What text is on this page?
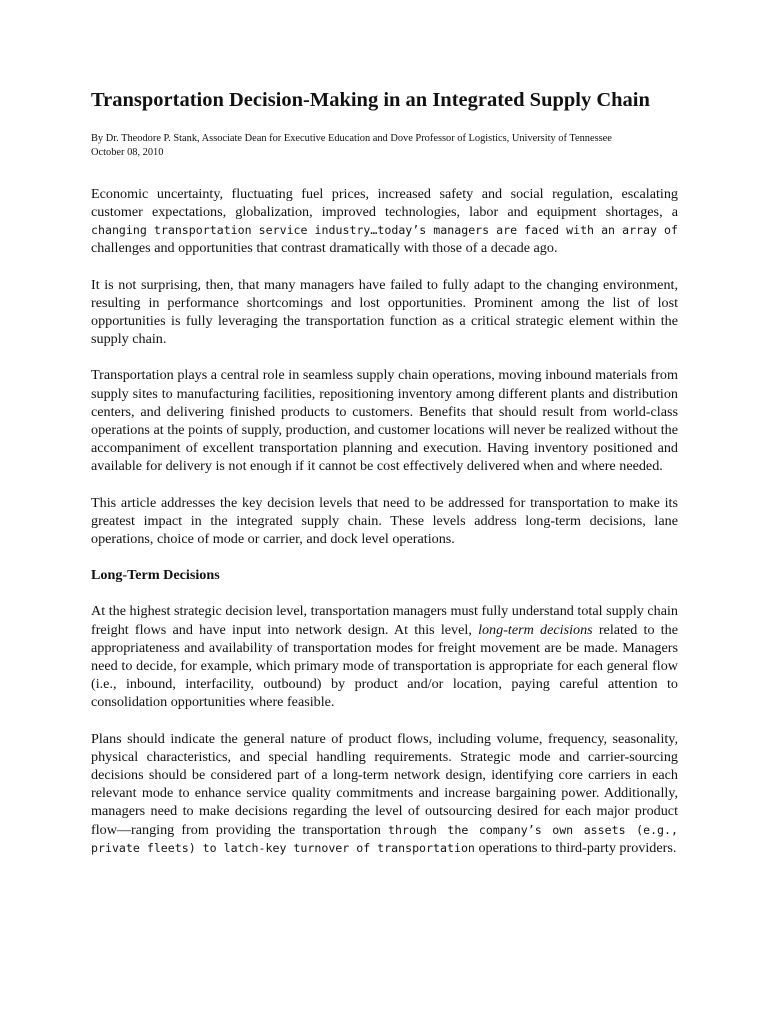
Transportation Decision-Making in an Integrated Supply Chain
By Dr. Theodore P. Stank, Associate Dean for Executive Education and Dove Professor of Logistics, University of Tennessee
October 08, 2010

Economic uncertainty, fluctuating fuel prices, increased safety and social regulation, escalating customer expectations, globalization, improved technologies, labor and equipment shortages, a changing transportation service industry…today’s managers are faced with an array of challenges and opportunities that contrast dramatically with those of a decade ago.

It is not surprising, then, that many managers have failed to fully adapt to the changing environment, resulting in performance shortcomings and lost opportunities. Prominent among the list of lost opportunities is fully leveraging the transportation function as a critical strategic element within the supply chain.

Transportation plays a central role in seamless supply chain operations, moving inbound materials from supply sites to manufacturing facilities, repositioning inventory among different plants and distribution centers, and delivering finished products to customers. Benefits that should result from world-class operations at the points of supply, production, and customer locations will never be realized without the accompaniment of excellent transportation planning and execution. Having inventory positioned and available for delivery is not enough if it cannot be cost effectively delivered when and where needed.

This article addresses the key decision levels that need to be addressed for transportation to make its greatest impact in the integrated supply chain. These levels address long-term decisions, lane operations, choice of mode or carrier, and dock level operations.

Long-Term Decisions

At the highest strategic decision level, transportation managers must fully understand total supply chain freight flows and have input into network design. At this level, long-term decisions related to the appropriateness and availability of transportation modes for freight movement are be made. Managers need to decide, for example, which primary mode of transportation is appropriate for each general flow (i.e., inbound, interfacility, outbound) by product and/or location, paying careful attention to consolidation opportunities where feasible.

Plans should indicate the general nature of product flows, including volume, frequency, seasonality, physical characteristics, and special handling requirements. Strategic mode and carrier-sourcing decisions should be considered part of a long-term network design, identifying core carriers in each relevant mode to enhance service quality commitments and increase bargaining power. Additionally, managers need to make decisions regarding the level of outsourcing desired for each major product flow—ranging from providing the transportation through the company’s own assets (e.g., private fleets) to latch-key turnover of transportation operations to third-party providers.
